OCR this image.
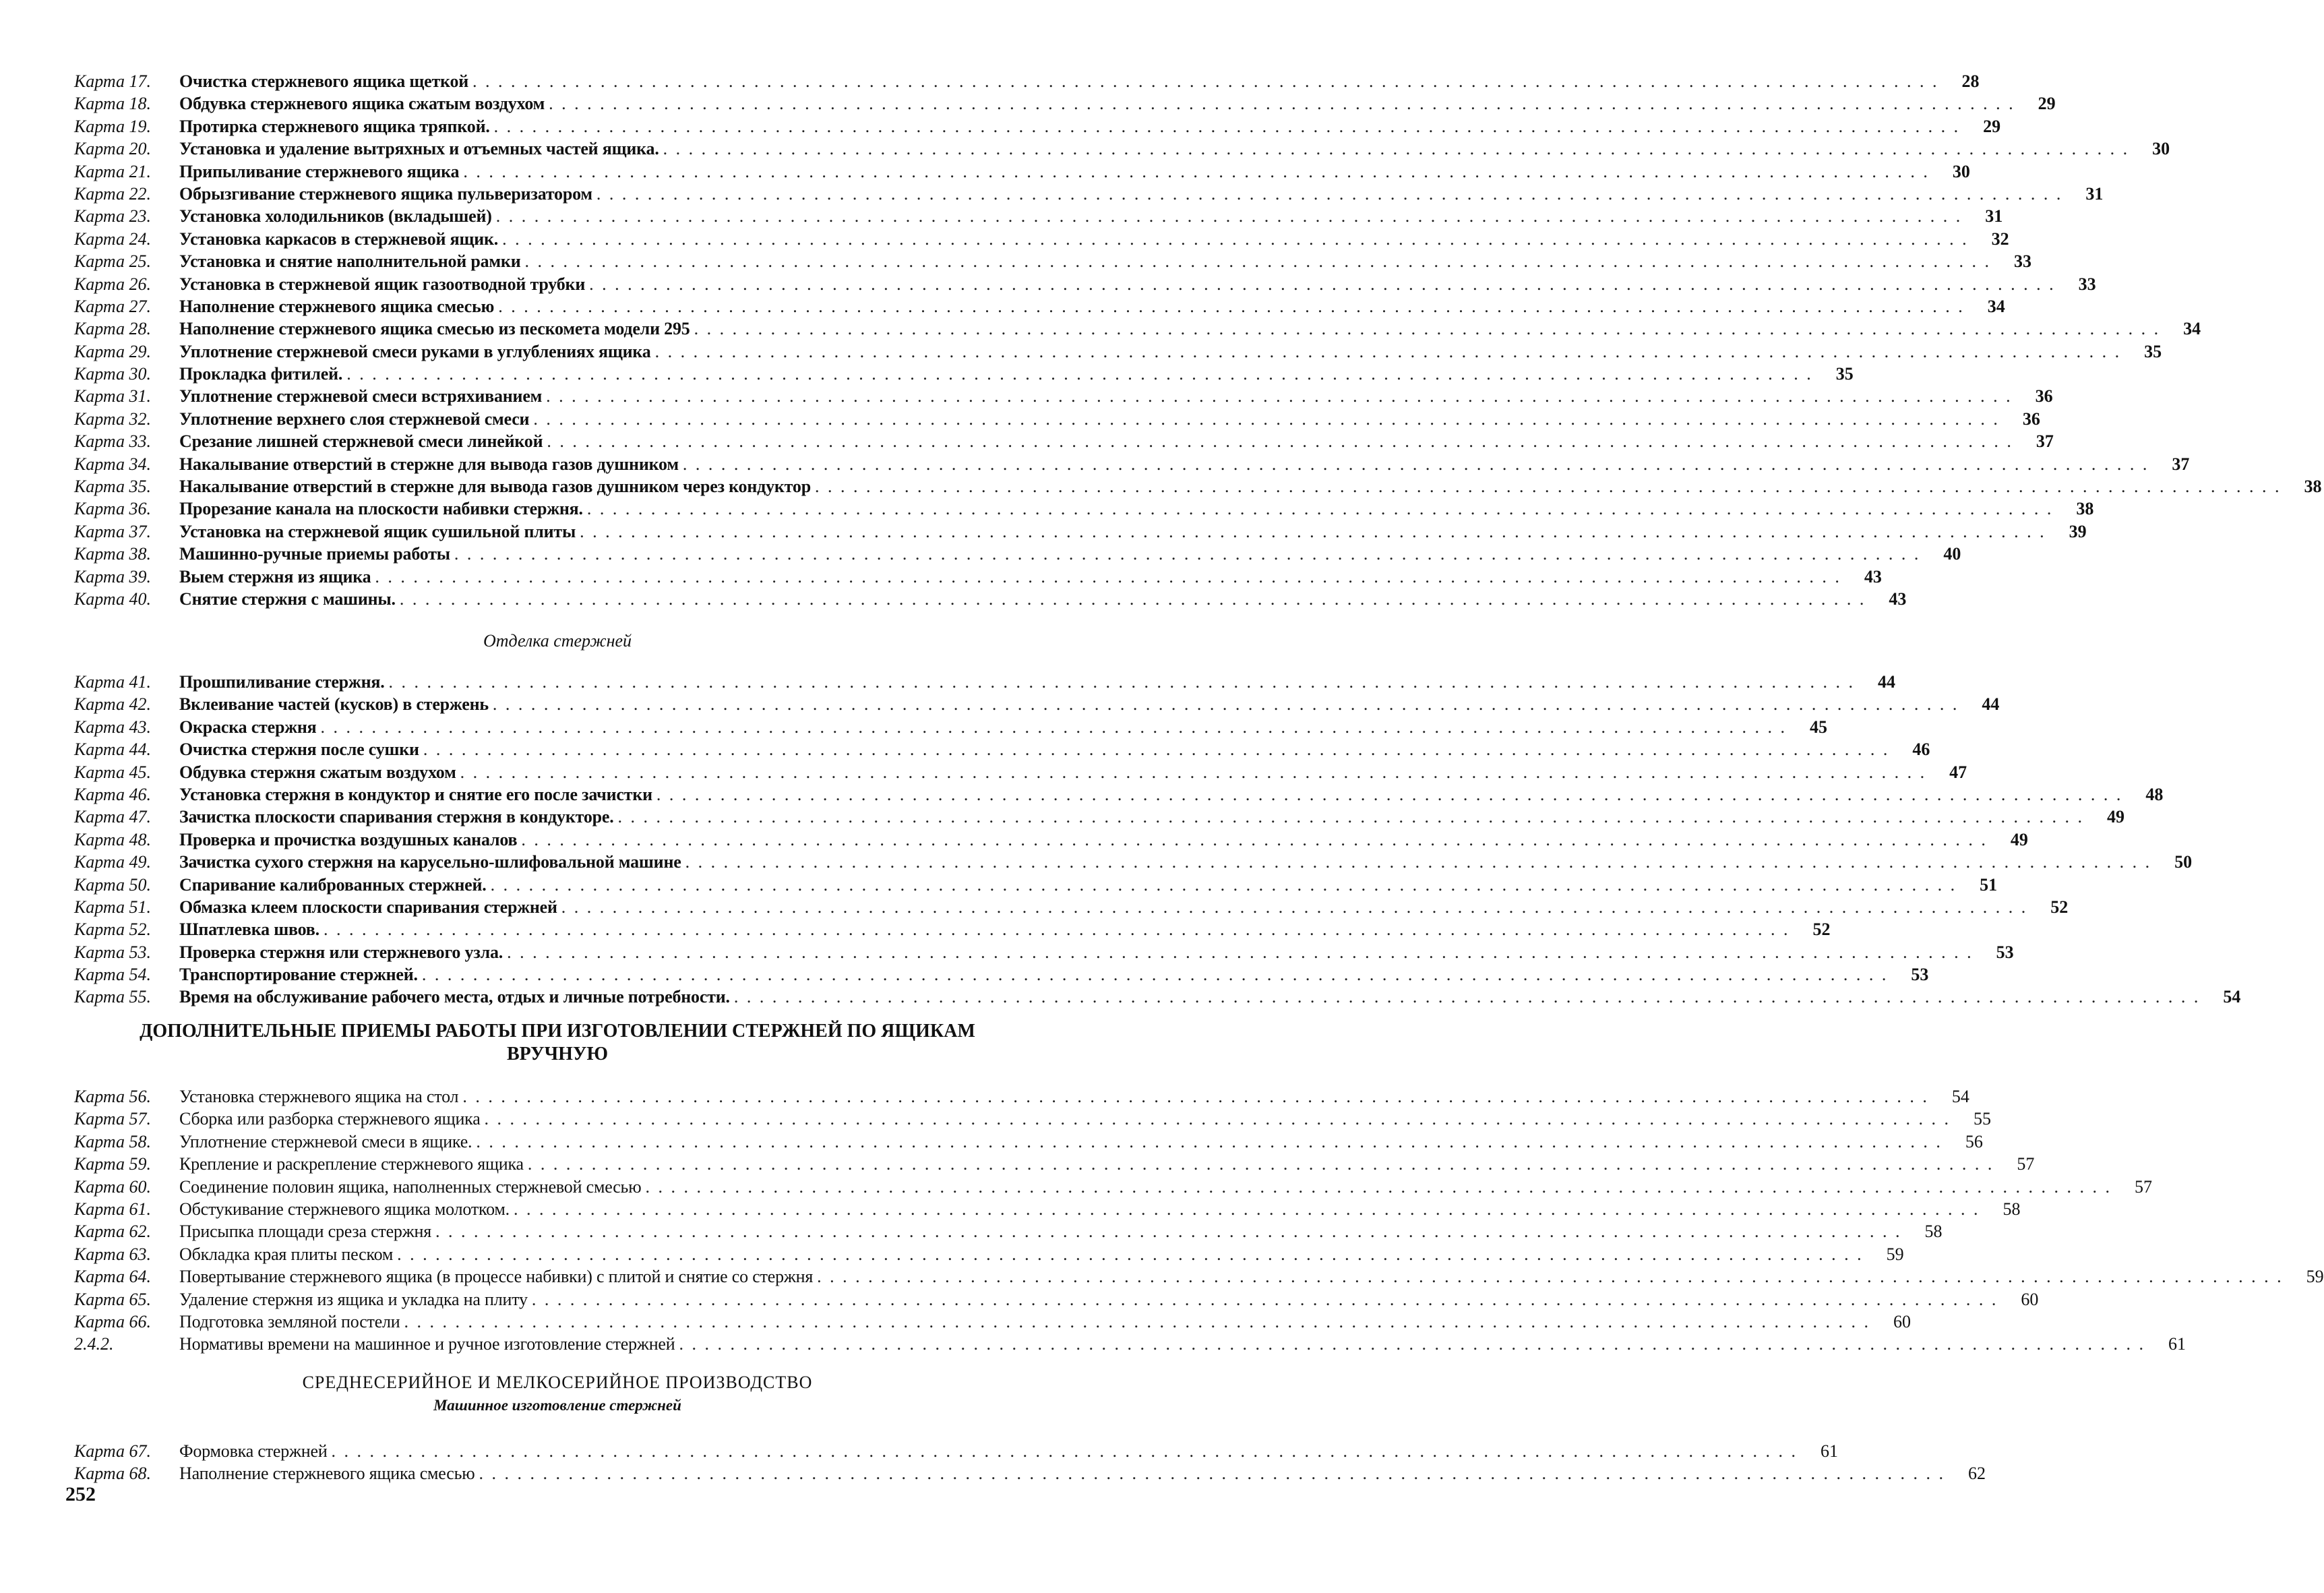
Карта 17.	Очистка стержневого ящика щеткой . . .	28
Карта 18.	Обдувка стержневого ящика сжатым воздухом . . .	29
Карта 19.	Протирка стержневого ящика тряпкой. . . .	29
Карта 20.	Установка и удаление вытряхных и отъемных частей ящика. . . .	30
Карта 21.	Припыливание стержневого ящика . . .	30
Карта 22.	Обрызгивание стержневого ящика пульверизатором . . .	31
Карта 23.	Установка холодильников (вкладышей) . . .	31
Карта 24.	Установка каркасов в стержневой ящик. . . .	32
Карта 25.	Установка и снятие наполнительной рамки . . .	33
Карта 26.	Установка в стержневой ящик газоотводной трубки . . .	33
Карта 27.	Наполнение стержневого ящика смесью . . .	34
Карта 28.	Наполнение стержневого ящика смесью из пескомета модели 295 . . .	34
Карта 29.	Уплотнение стержневой смеси руками в углублениях ящика . . .	35
Карта 30.	Прокладка фитилей. . . .	35
Карта 31.	Уплотнение стержневой смеси встряхиванием . . .	36
Карта 32.	Уплотнение верхнего слоя стержневой смеси . . .	36
Карта 33.	Срезание лишней стержневой смеси линейкой . . .	37
Карта 34.	Накалывание отверстий в стержне для вывода газов душником . . .	37
Карта 35.	Накалывание отверстий в стержне для вывода газов душником через кондуктор . . .	38
Карта 36.	Прорезание канала на плоскости набивки стержня. . . .	38
Карта 37.	Установка на стержневой ящик сушильной плиты . . .	39
Карта 38.	Машинно-ручные приемы работы . . .	40
Карта 39.	Выем стержня из ящика . . .	43
Карта 40.	Снятие стержня с машины. . . .	43
Отделка стержней
Карта 41.	Прошпиливание стержня. . . .	44
Карта 42.	Вклеивание частей (кусков) в стержень . . .	44
Карта 43.	Окраска стержня . . .	45
Карта 44.	Очистка стержня после сушки . . .	46
Карта 45.	Обдувка стержня сжатым воздухом . . .	47
Карта 46.	Установка стержня в кондуктор и снятие его после зачистки . . .	48
Карта 47.	Зачистка плоскости спаривания стержня в кондукторе. . . .	49
Карта 48.	Проверка и прочистка воздушных каналов . . .	49
Карта 49.	Зачистка сухого стержня на карусельно-шлифовальной машине . . .	50
Карта 50.	Спаривание калиброванных стержней. . . .	51
Карта 51.	Обмазка клеем плоскости спаривания стержней . . .	52
Карта 52.	Шпатлевка швов. . . .	52
Карта 53.	Проверка стержня или стержневого узла. . . .	53
Карта 54.	Транспортирование стержней. . . .	53
Карта 55.	Время на обслуживание рабочего места, отдых и личные потребности. . . .	54
ДОПОЛНИТЕЛЬНЫЕ ПРИЕМЫ РАБОТЫ ПРИ ИЗГОТОВЛЕНИИ СТЕРЖНЕЙ ПО ЯЩИКАМ
ВРУЧНУЮ
Карта 56.	Установка стержневого ящика на стол . . .	54
Карта 57.	Сборка или разборка стержневого ящика . . .	55
Карта 58.	Уплотнение стержневой смеси в ящике. . . .	56
Карта 59.	Крепление и раскрепление стержневого ящика . . .	57
Карта 60.	Соединение половин ящика, наполненных стержневой смесью . . .	57
Карта 61.	Обстукивание стержневого ящика молотком. . . .	58
Карта 62.	Присыпка площади среза стержня . . .	58
Карта 63.	Обкладка края плиты песком . . .	59
Карта 64.	Повертывание стержневого ящика (в процессе набивки) с плитой и снятие со стержня . . .	59
Карта 65.	Удаление стержня из ящика и укладка на плиту . . .	60
Карта 66.	Подготовка земляной постели . . .	60
2.4.2.	Нормативы времени на машинное и ручное изготовление стержней . . .	61
СРЕДНЕСЕРИЙНОЕ И МЕЛКОСЕРИЙНОЕ ПРОИЗВОДСТВО
Машинное изготовление стержней
Карта 67.	Формовка стержней . . .	61
Карта 68.	Наполнение стержневого ящика смесью . . .	62
252
